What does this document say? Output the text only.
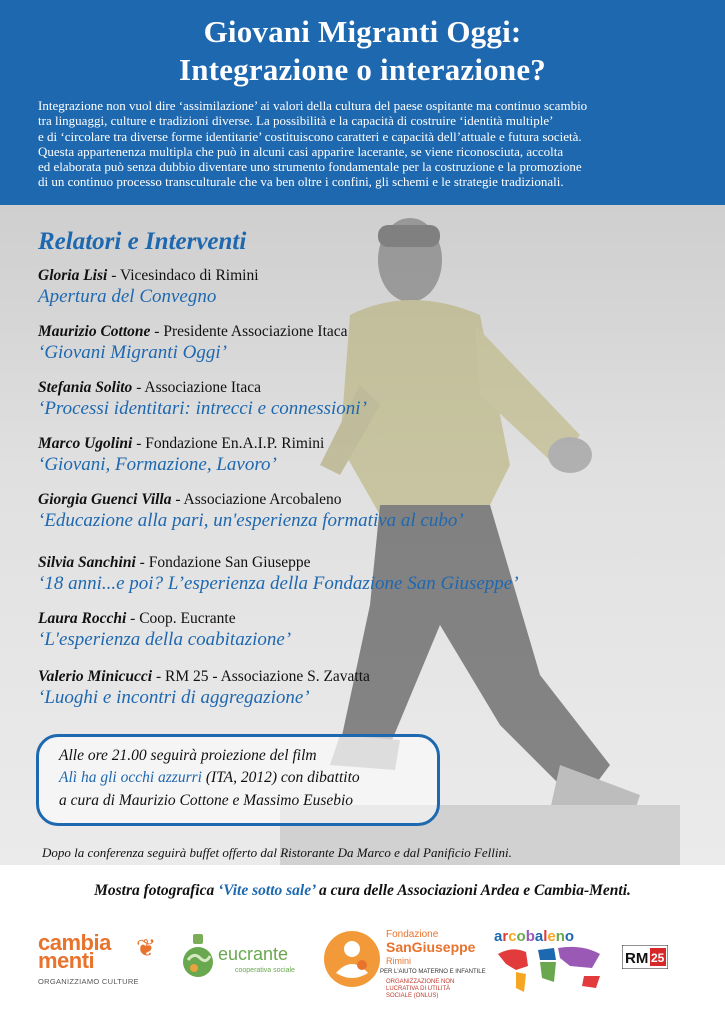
Giovani Migranti Oggi:
Integrazione o interazione?
Integrazione non vuol dire ‘assimilazione’ ai valori della cultura del paese ospitante ma continuo scambio
tra linguaggi, culture e tradizioni diverse. La possibilità e la capacità di costruire ‘identità multiple’
e di ‘circolare tra diverse forme identitarie’ costituiscono caratteri e capacità dell’attuale e futura società.
Questa appartenenza multipla che può in alcuni casi apparire lacerante, se viene riconosciuta, accolta
ed elaborata può senza dubbio diventare uno strumento fondamentale per la costruzione e la promozione
di un continuo processo transculturale che va ben oltre i confini, gli schemi e le strategie tradizionali.
Relatori e Interventi
Gloria Lisi - Vicesindaco di Rimini
Apertura del Convegno
Maurizio Cottone - Presidente Associazione Itaca
‘Giovani Migranti Oggi’
Stefania Solito - Associazione Itaca
‘Processi identitari: intrecci e connessioni’
Marco Ugolini - Fondazione En.A.I.P. Rimini
‘Giovani, Formazione, Lavoro’
Giorgia Guenci Villa - Associazione Arcobaleno
‘Educazione alla pari, un'esperienza formativa al cubo’
Silvia Sanchini - Fondazione San Giuseppe
‘18 anni...e poi? L’esperienza della Fondazione San Giuseppe’
Laura Rocchi - Coop. Eucrante
‘L'esperienza della coabitazione’
Valerio Minicucci - RM 25 - Associazione S. Zavatta
‘Luoghi e incontri di aggregazione’
Alle ore 21.00 seguirà proiezione del film
Alì ha gli occhi azzurri (ITA, 2012) con dibattito
a cura di Maurizio Cottone e Massimo Eusebio
Dopo la conferenza seguirà buffet offerto dal Ristorante Da Marco e dal Panificio Fellini.
Mostra fotografica ‘Vite sotto sale’ a cura delle Associazioni Ardea e Cambia-Menti.
cambia
menti ❦
ORGANIZZIAMO CULTURE
eucrante
cooperativa sociale
Fondazione
SanGiuseppe
Rimini
PER L'AIUTO MATERNO E INFANTILE
ORGANIZZAZIONE NON LUCRATIVA DI UTILITÀ SOCIALE (ONLUS)
arcobaleno
RM 25
